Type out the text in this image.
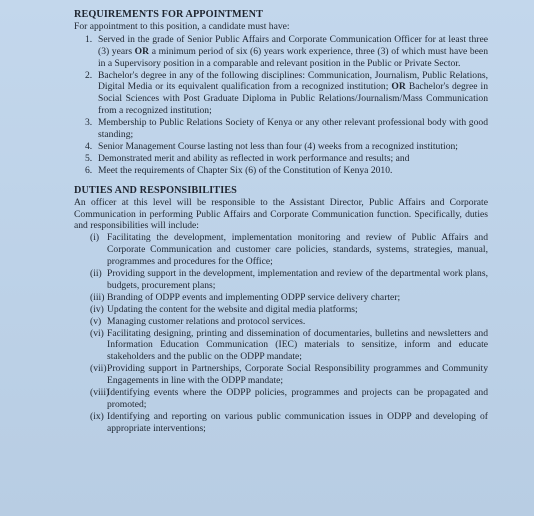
REQUIREMENTS FOR APPOINTMENT

For appointment to this position, a candidate must have:

1. Served in the grade of Senior Public Affairs and Corporate Communication Officer for at least three (3) years OR a minimum period of six (6) years work experience, three (3) of which must have been in a Supervisory position in a comparable and relevant position in the Public or Private Sector.
2. Bachelor's degree in any of the following disciplines: Communication, Journalism, Public Relations, Digital Media or its equivalent qualification from a recognized institution; OR Bachelor's degree in Social Sciences with Post Graduate Diploma in Public Relations/Journalism/Mass Communication from a recognized institution;
3. Membership to Public Relations Society of Kenya or any other relevant professional body with good standing;
4. Senior Management Course lasting not less than four (4) weeks from a recognized institution;
5. Demonstrated merit and ability as reflected in work performance and results; and
6. Meet the requirements of Chapter Six (6) of the Constitution of Kenya 2010.
DUTIES AND RESPONSIBILITIES

An officer at this level will be responsible to the Assistant Director, Public Affairs and Corporate Communication in performing Public Affairs and Corporate Communication function. Specifically, duties and responsibilities will include:

(i) Facilitating the development, implementation monitoring and review of Public Affairs and Corporate Communication and customer care policies, standards, systems, strategies, manual, programmes and procedures for the Office;
(ii) Providing support in the development, implementation and review of the departmental work plans, budgets, procurement plans;
(iii) Branding of ODPP events and implementing ODPP service delivery charter;
(iv) Updating the content for the website and digital media platforms;
(v) Managing customer relations and protocol services.
(vi) Facilitating designing, printing and dissemination of documentaries, bulletins and newsletters and Information Education Communication (IEC) materials to sensitize, inform and educate stakeholders and the public on the ODPP mandate;
(vii) Providing support in Partnerships, Corporate Social Responsibility programmes and Community Engagements in line with the ODPP mandate;
(viii)
Identifying events where the ODPP policies, programmes and projects can be propagated and promoted;
(ix) Identifying and reporting on various public communication issues in ODPP and developing of appropriate interventions;
